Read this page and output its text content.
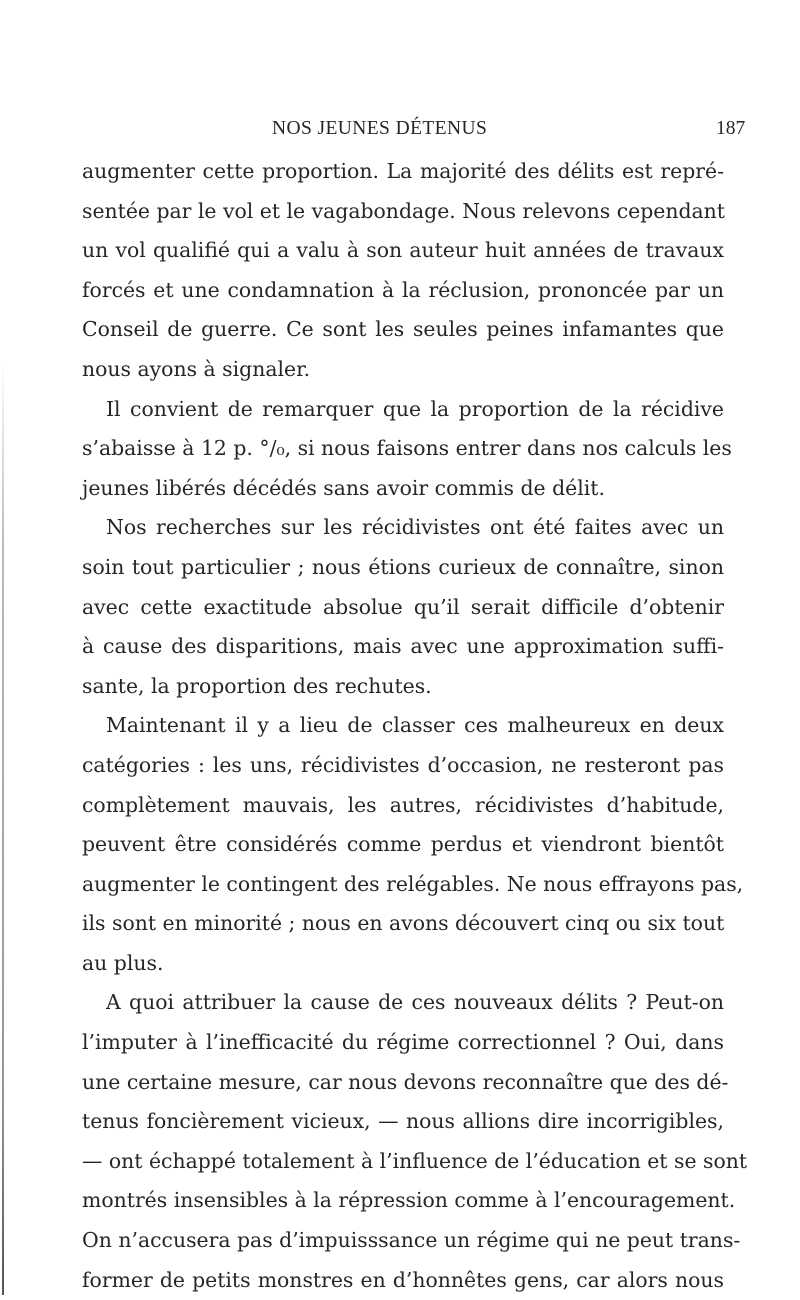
NOS JEUNES DÉTENUS	187
augmenter cette proportion. La majorité des délits est repré-
sentée par le vol et le vagabondage. Nous relevons cependant
un vol qualifié qui a valu à son auteur huit années de travaux
forcés et une condamnation à la réclusion, prononcée par un
Conseil de guerre. Ce sont les seules peines infamantes que
nous ayons à signaler.
Il convient de remarquer que la proportion de la récidive
s’abaisse à 12 p. °/₀, si nous faisons entrer dans nos calculs les
jeunes libérés décédés sans avoir commis de délit.
Nos recherches sur les récidivistes ont été faites avec un
soin tout particulier ; nous étions curieux de connaître, sinon
avec cette exactitude absolue qu’il serait difficile d’obtenir
à cause des disparitions, mais avec une approximation suffi-
sante, la proportion des rechutes.
Maintenant il y a lieu de classer ces malheureux en deux
catégories : les uns, récidivistes d’occasion, ne resteront pas
complètement mauvais, les autres, récidivistes d’habitude,
peuvent être considérés comme perdus et viendront bientôt
augmenter le contingent des relégables. Ne nous effrayons pas,
ils sont en minorité ; nous en avons découvert cinq ou six tout
au plus.
A quoi attribuer la cause de ces nouveaux délits ? Peut-on
l’imputer à l’inefficacité du régime correctionnel ? Oui, dans
une certaine mesure, car nous devons reconnaître que des dé-
tenus foncièrement vicieux, — nous allions dire incorrigibles,
— ont échappé totalement à l’influence de l’éducation et se sont
montrés insensibles à la répression comme à l’encouragement.
On n’accusera pas d’impuisssance un régime qui ne peut trans-
former de petits monstres en d’honnêtes gens, car alors nous
